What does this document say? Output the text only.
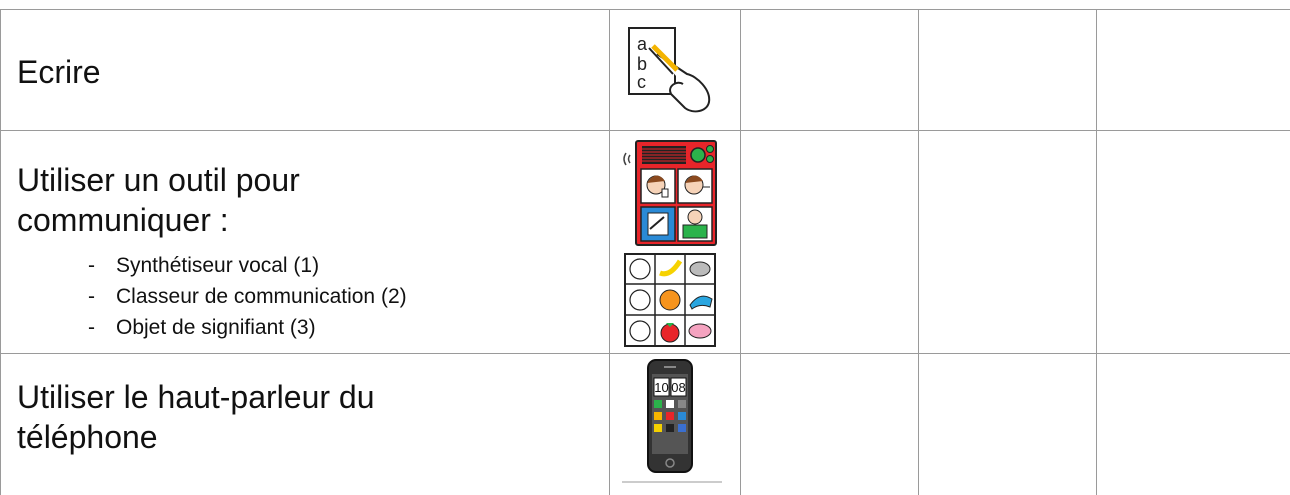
Ecrire
a
b
c
Utiliser un outil pour
communiquer :
- Synthétiseur vocal (1)
- Classeur de communication (2)
- Objet de signifiant (3)
Utiliser le haut-parleur du
téléphone
10 08
